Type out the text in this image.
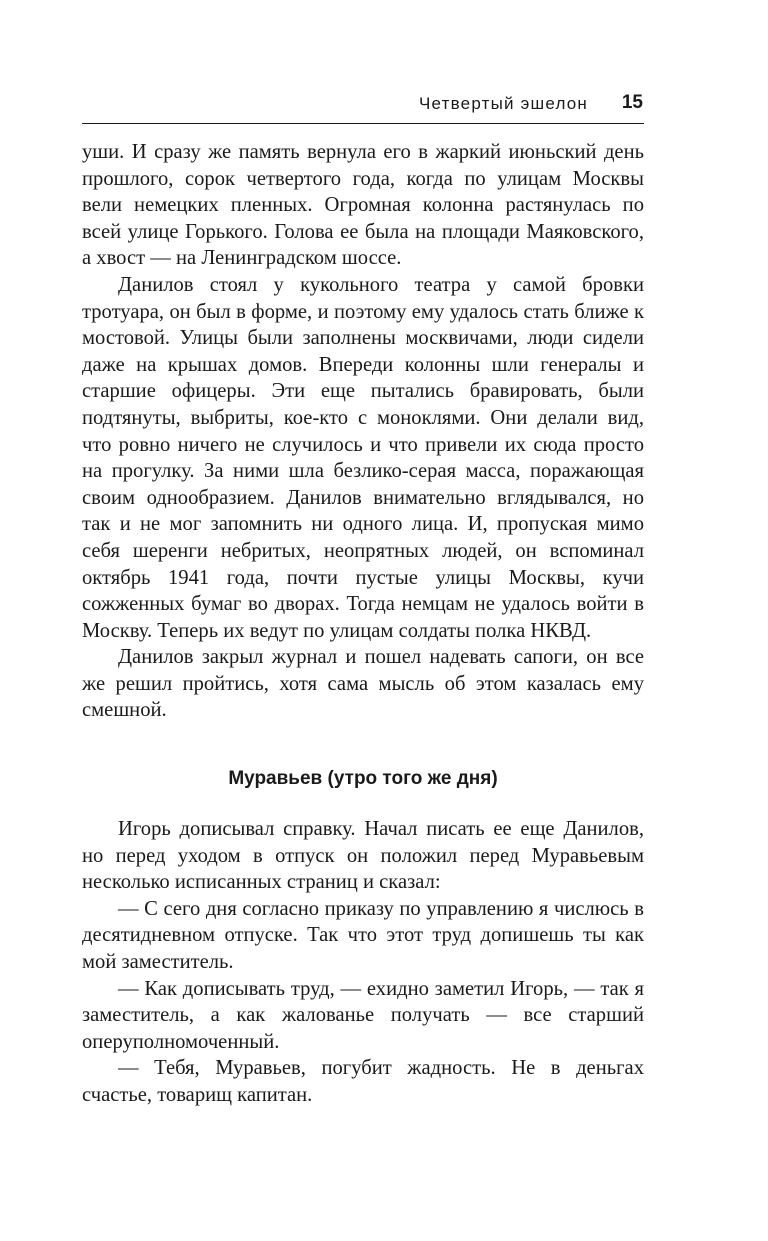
Четвертый эшелон 15

уши. И сразу же память вернула его в жаркий июньский день прошлого, сорок четвертого года, когда по улицам Москвы вели немецких пленных. Огромная колонна растянулась по всей улице Горького. Голова ее была на площади Маяковского, а хвост — на Ленинградском шоссе.

Данилов стоял у кукольного театра у самой бровки тротуара, он был в форме, и поэтому ему удалось стать ближе к мостовой. Улицы были заполнены москвичами, люди сидели даже на крышах домов. Впереди колонны шли генералы и старшие офицеры. Эти еще пытались бравировать, были подтянуты, выбриты, кое-кто с моноклями. Они делали вид, что ровно ничего не случилось и что привели их сюда просто на прогулку. За ними шла безлико-серая масса, поражающая своим однообразием. Данилов внимательно вглядывался, но так и не мог запомнить ни одного лица. И, пропуская мимо себя шеренги небритых, неопрятных людей, он вспоминал октябрь 1941 года, почти пустые улицы Москвы, кучи сожженных бумаг во дворах. Тогда немцам не удалось войти в Москву. Теперь их ведут по улицам солдаты полка НКВД.

Данилов закрыл журнал и пошел надевать сапоги, он все же решил пройтись, хотя сама мысль об этом казалась ему смешной.

Муравьев (утро того же дня)

Игорь дописывал справку. Начал писать ее еще Данилов, но перед уходом в отпуск он положил перед Муравьевым несколько исписанных страниц и сказал:

— С сего дня согласно приказу по управлению я числюсь в десятидневном отпуске. Так что этот труд допишешь ты как мой заместитель.

— Как дописывать труд, — ехидно заметил Игорь, — так я заместитель, а как жалованье получать — все старший оперуполномоченный.

— Тебя, Муравьев, погубит жадность. Не в деньгах счастье, товарищ капитан.
